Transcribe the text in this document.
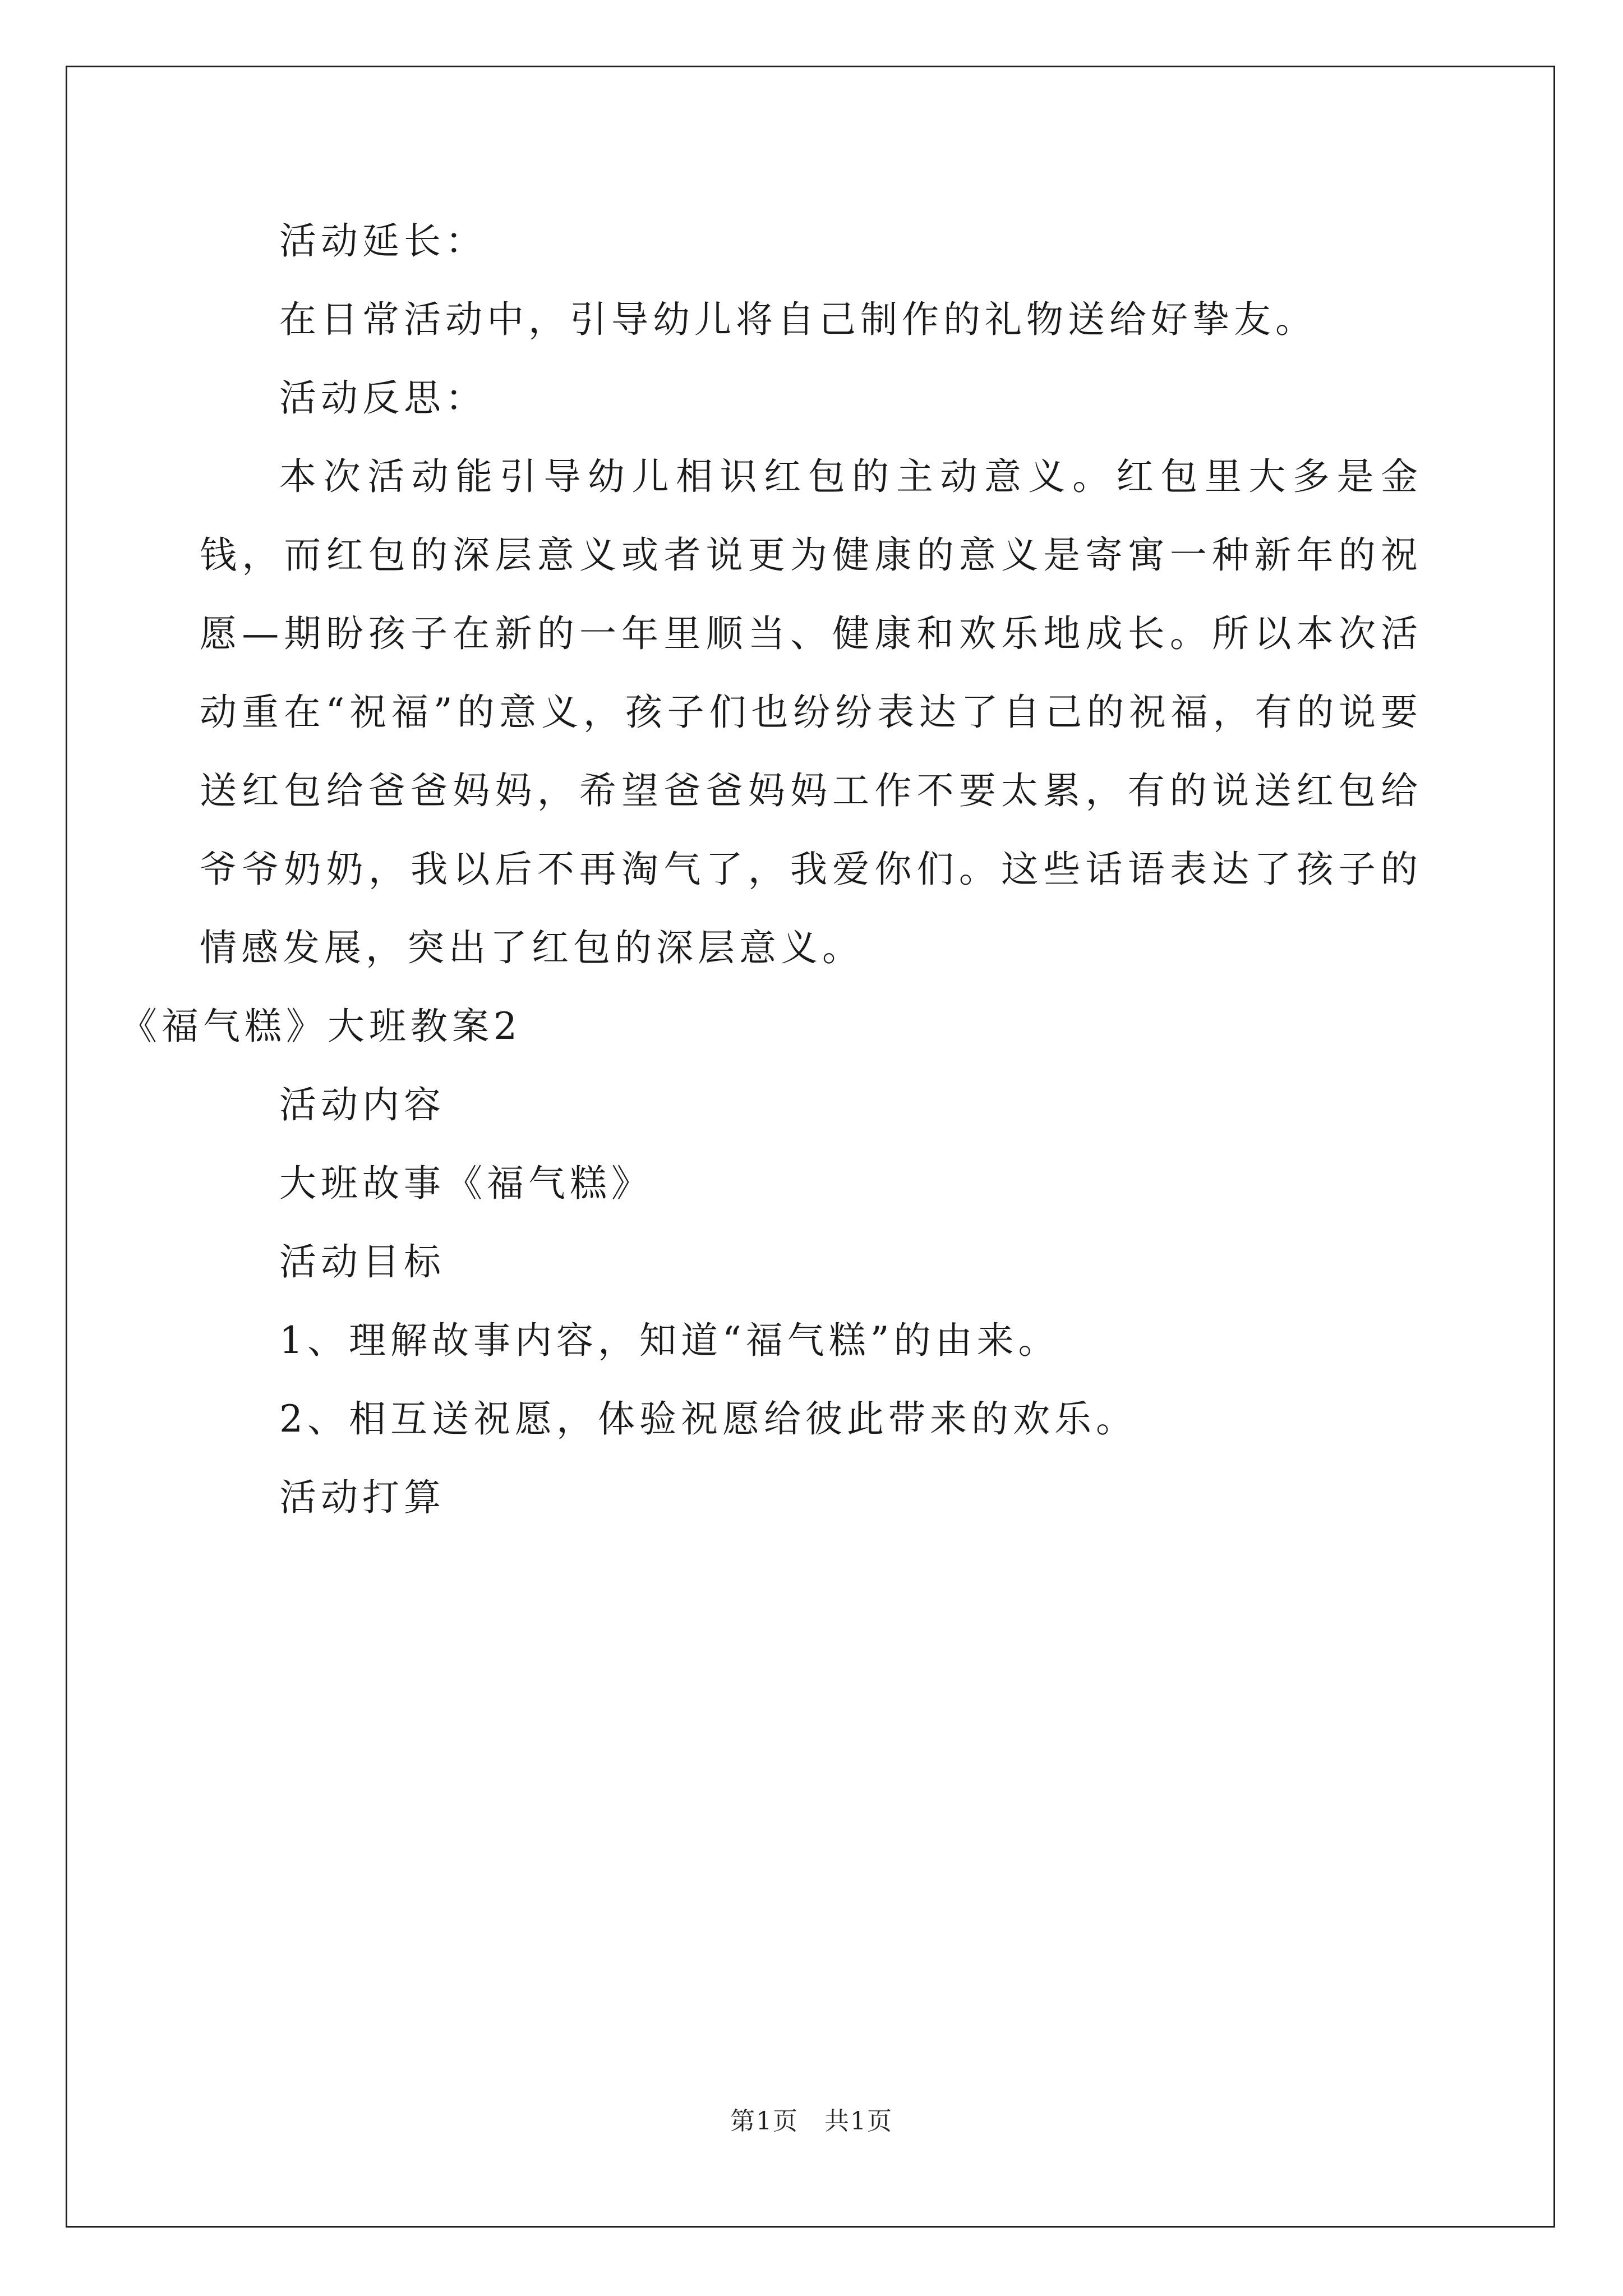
活动延长：

在日常活动中，引导幼儿将自己制作的礼物送给好挚友。

活动反思：

本次活动能引导幼儿相识红包的主动意义。红包里大多是金钱，而红包的深层意义或者说更为健康的意义是寄寓一种新年的祝愿—期盼孩子在新的一年里顺当、健康和欢乐地成长。所以本次活动重在“祝福”的意义，孩子们也纷纷表达了自己的祝福，有的说要送红包给爸爸妈妈，希望爸爸妈妈工作不要太累，有的说送红包给爷爷奶奶，我以后不再淘气了，我爱你们。这些话语表达了孩子的情感发展，突出了红包的深层意义。

《福气糕》大班教案2

活动内容

大班故事《福气糕》

活动目标

1、理解故事内容，知道“福气糕”的由来。

2、相互送祝愿，体验祝愿给彼此带来的欢乐。

活动打算

第1页 共1页
